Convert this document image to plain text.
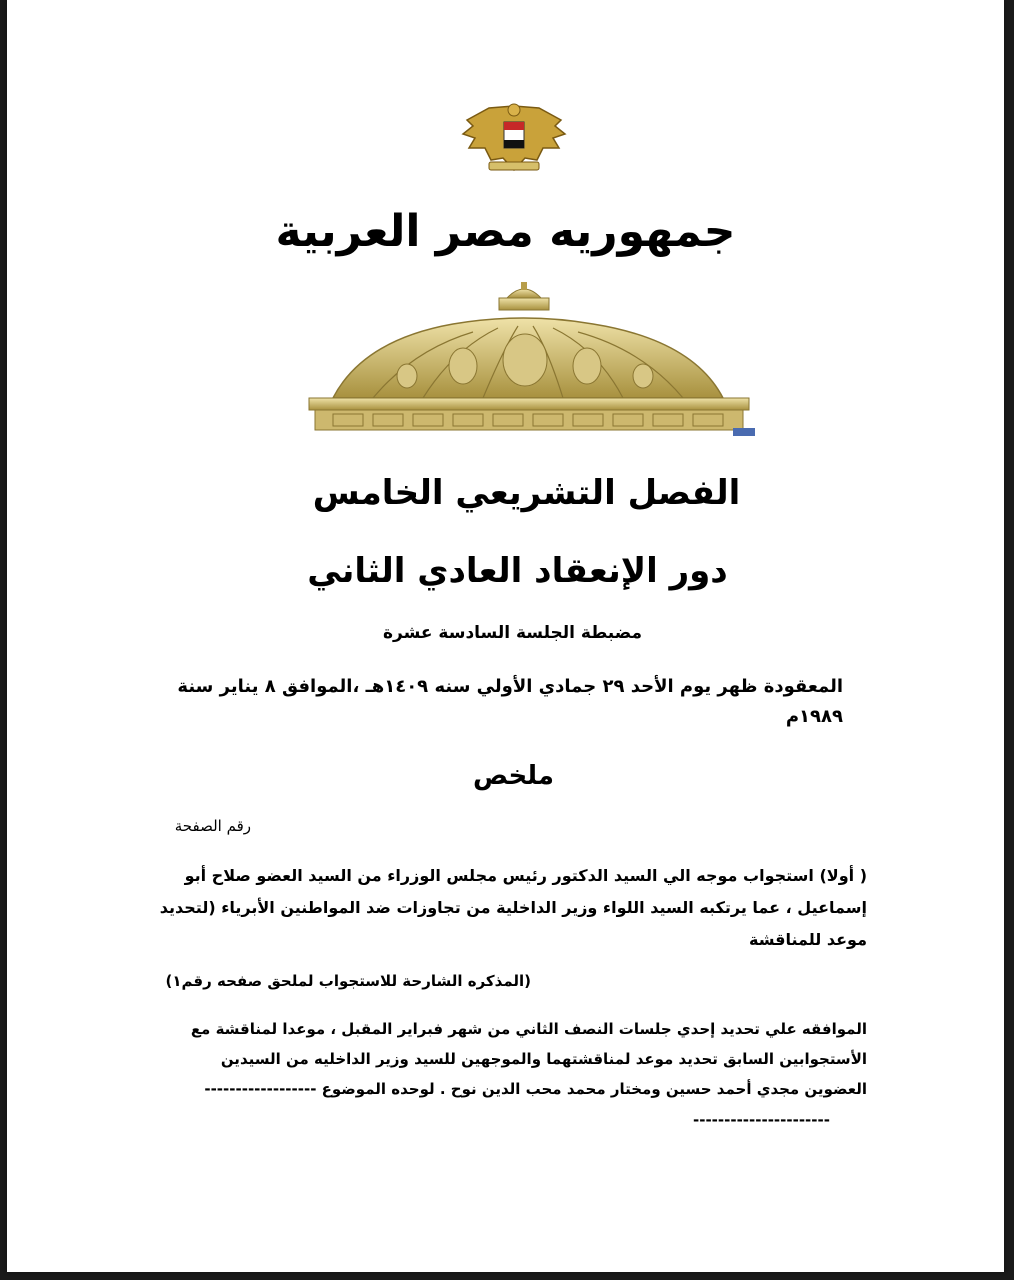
جمهوريه مصر العربية
الفصل التشريعي الخامس
دور الإنعقاد العادي الثاني
مضبطة الجلسة السادسة عشرة
المعقودة ظهر يوم الأحد ٢٩ جمادي الأولي سنه ١٤٠٩هـ ،الموافق ٨ يناير سنة ١٩٨٩م
ملخص
رقم الصفحة
( أولا) استجواب موجه الي السيد الدكتور رئيس مجلس الوزراء من السيد العضو صلاح أبو إسماعيل ، عما يرتكبه السيد اللواء وزير الداخلية من تجاوزات ضد المواطنين الأبرياء (لتحديد موعد للمناقشة
(المذكره الشارحة للاستجواب لملحق صفحه رقم١)
الموافقه علي تحديد إحدي جلسات النصف الثاني من شهر فبراير المقبل ، موعدا لمناقشة مع الأستجوابين السابق تحديد موعد لمناقشتهما والموجهين للسيد وزير الداخليه من السيدين العضوين مجدي أحمد حسين ومختار محمد محب الدين نوح . لوحده الموضوع ------------------
----------------------
